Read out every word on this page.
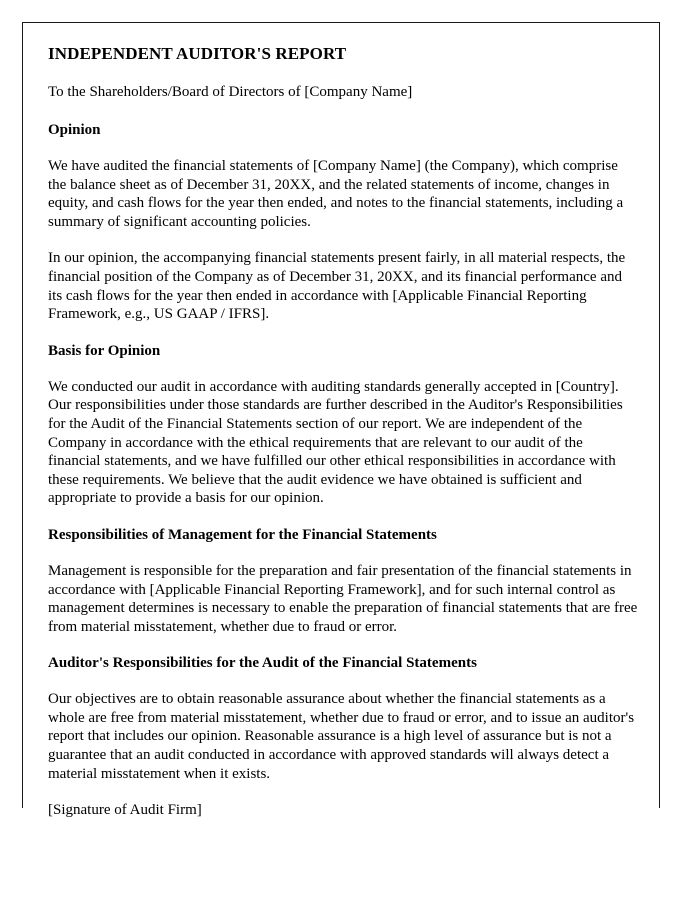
INDEPENDENT AUDITOR'S REPORT

To the Shareholders/Board of Directors of [Company Name]

Opinion

We have audited the financial statements of [Company Name] (the Company), which comprise the balance sheet as of December 31, 20XX, and the related statements of income, changes in equity, and cash flows for the year then ended, and notes to the financial statements, including a summary of significant accounting policies.

In our opinion, the accompanying financial statements present fairly, in all material respects, the financial position of the Company as of December 31, 20XX, and its financial performance and its cash flows for the year then ended in accordance with [Applicable Financial Reporting Framework, e.g., US GAAP / IFRS].

Basis for Opinion

We conducted our audit in accordance with auditing standards generally accepted in [Country]. Our responsibilities under those standards are further described in the Auditor's Responsibilities for the Audit of the Financial Statements section of our report. We are independent of the Company in accordance with the ethical requirements that are relevant to our audit of the financial statements, and we have fulfilled our other ethical responsibilities in accordance with these requirements. We believe that the audit evidence we have obtained is sufficient and appropriate to provide a basis for our opinion.

Responsibilities of Management for the Financial Statements

Management is responsible for the preparation and fair presentation of the financial statements in accordance with [Applicable Financial Reporting Framework], and for such internal control as management determines is necessary to enable the preparation of financial statements that are free from material misstatement, whether due to fraud or error.

Auditor's Responsibilities for the Audit of the Financial Statements

Our objectives are to obtain reasonable assurance about whether the financial statements as a whole are free from material misstatement, whether due to fraud or error, and to issue an auditor's report that includes our opinion. Reasonable assurance is a high level of assurance but is not a guarantee that an audit conducted in accordance with approved standards will always detect a material misstatement when it exists.

[Signature of Audit Firm]
